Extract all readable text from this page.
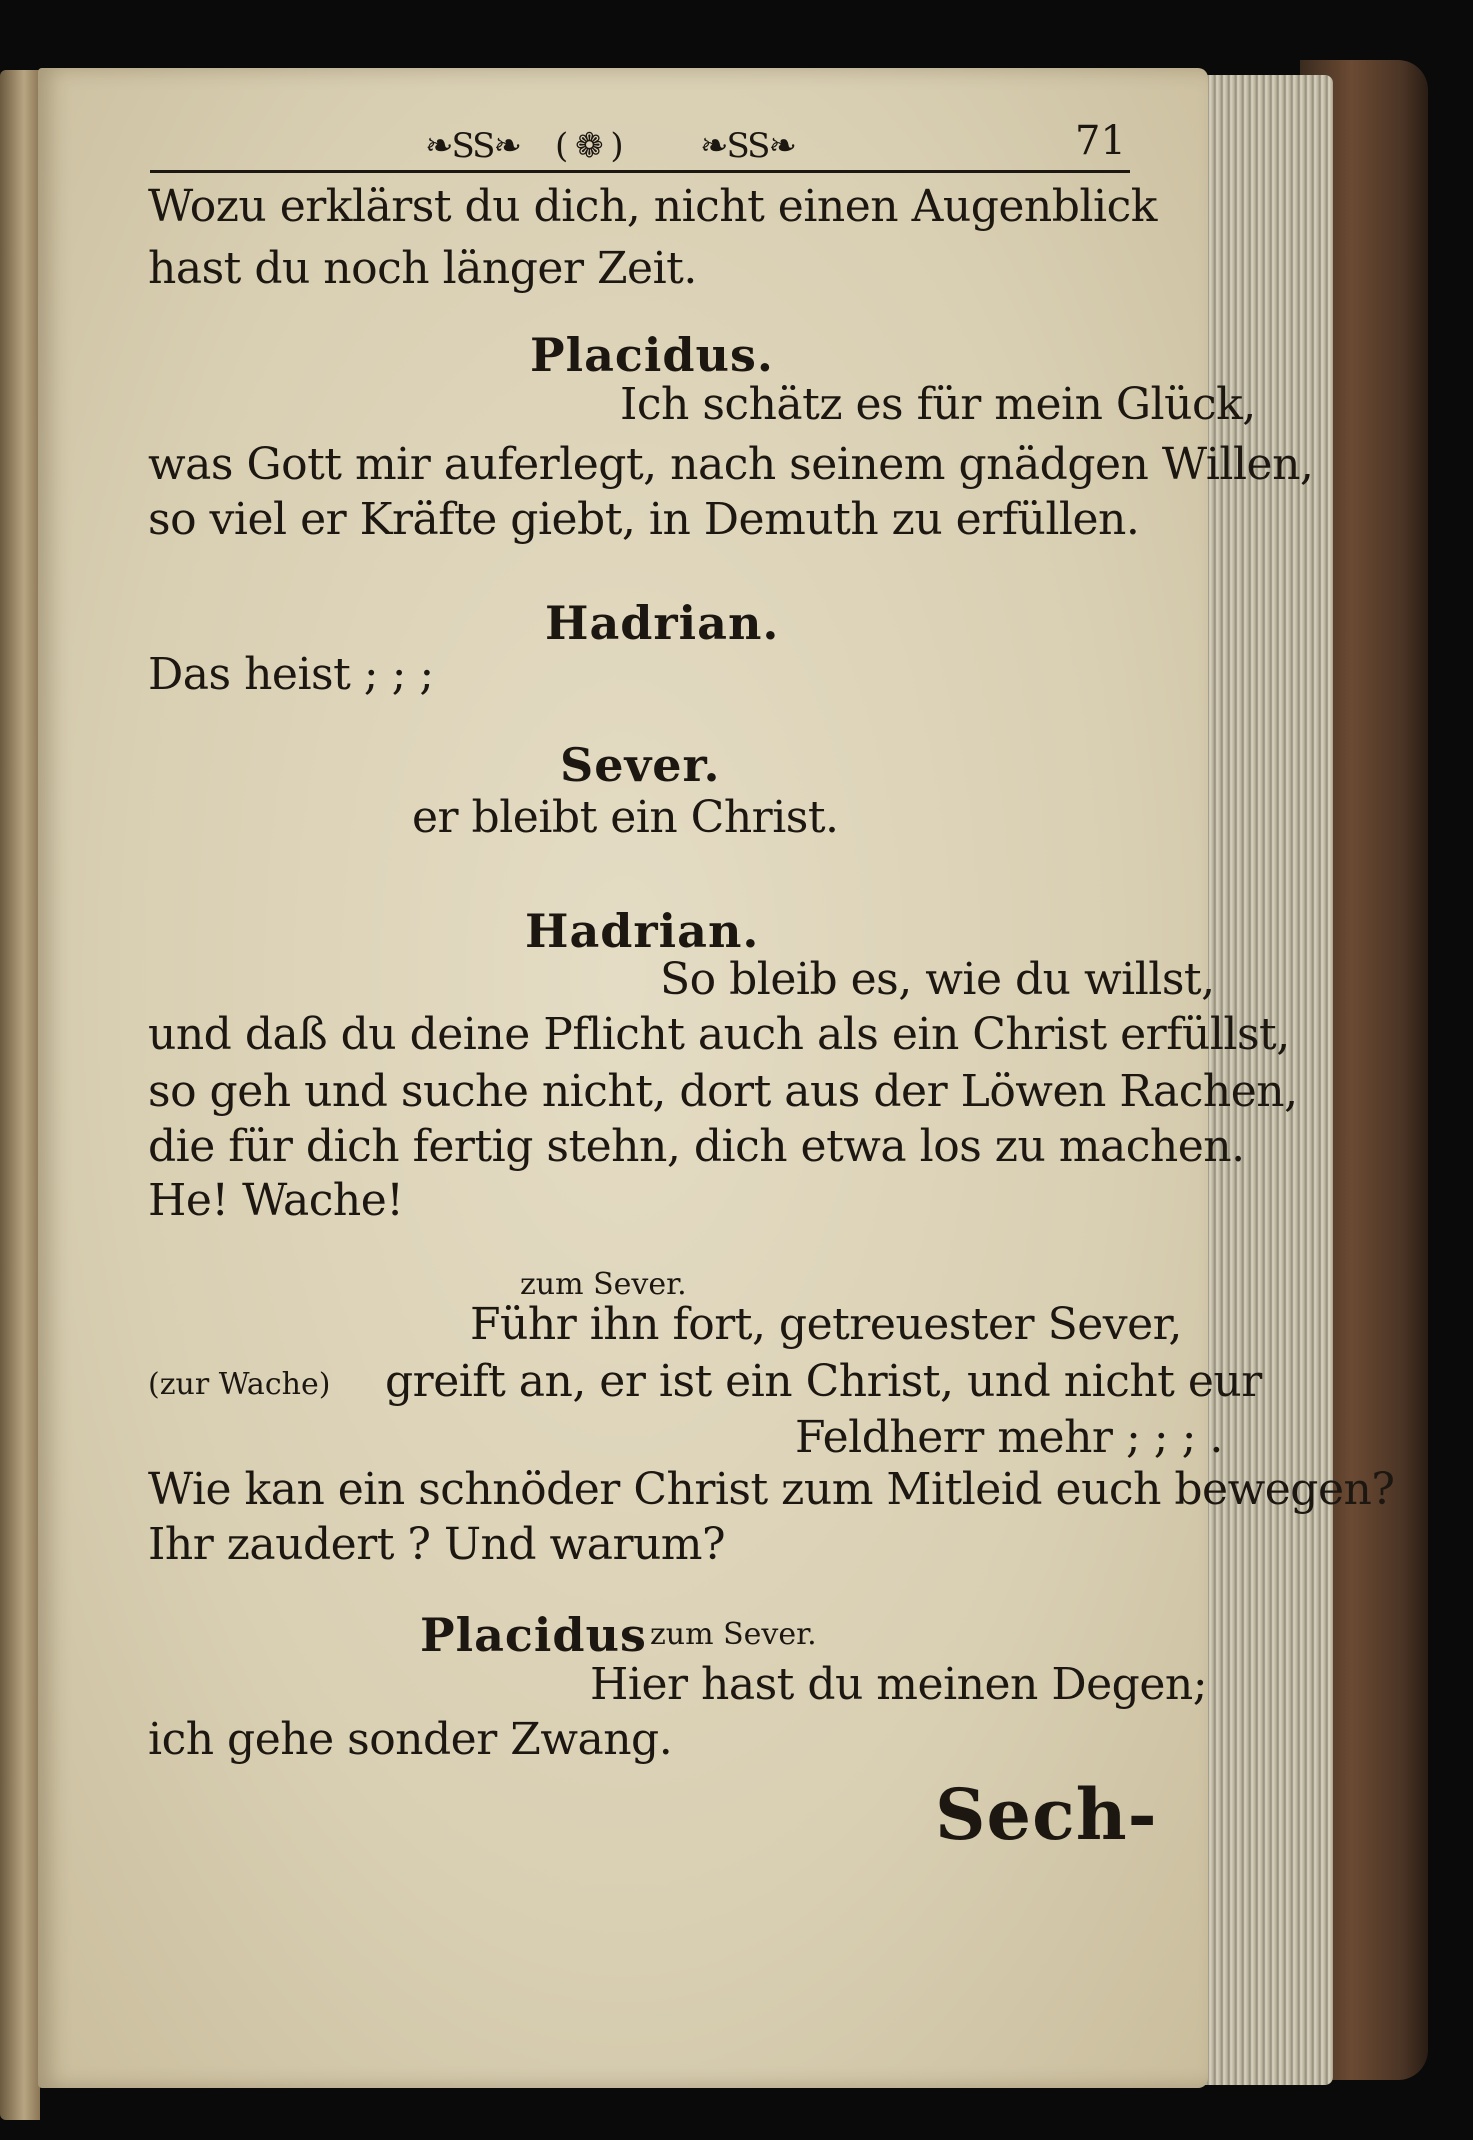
❧SS❧ ( ❁ ) ❧SS❧	71
Wozu erklärst du dich, nicht einen Augenblick
hast du noch länger Zeit.
Placidus.
Ich schätz es für mein Glück,
was Gott mir auferlegt, nach seinem gnädgen Willen,
so viel er Kräfte giebt, in Demuth zu erfüllen.
Hadrian.
Das heist ; ; ;
Sever.
er bleibt ein Christ.
Hadrian.
So bleib es, wie du willst,
und daß du deine Pflicht auch als ein Christ erfüllst,
so geh und suche nicht, dort aus der Löwen Rachen,
die für dich fertig stehn, dich etwa los zu machen.
He! Wache!
zum Sever.
Führ ihn fort, getreuester Sever,
(zur Wache) greift an, er ist ein Christ, und nicht eur
Feldherr mehr ; ; ; .
Wie kan ein schnöder Christ zum Mitleid euch bewegen?
Ihr zaudert ? Und warum?
Placidus zum Sever.
Hier hast du meinen Degen;
ich gehe sonder Zwang.
Sech-
